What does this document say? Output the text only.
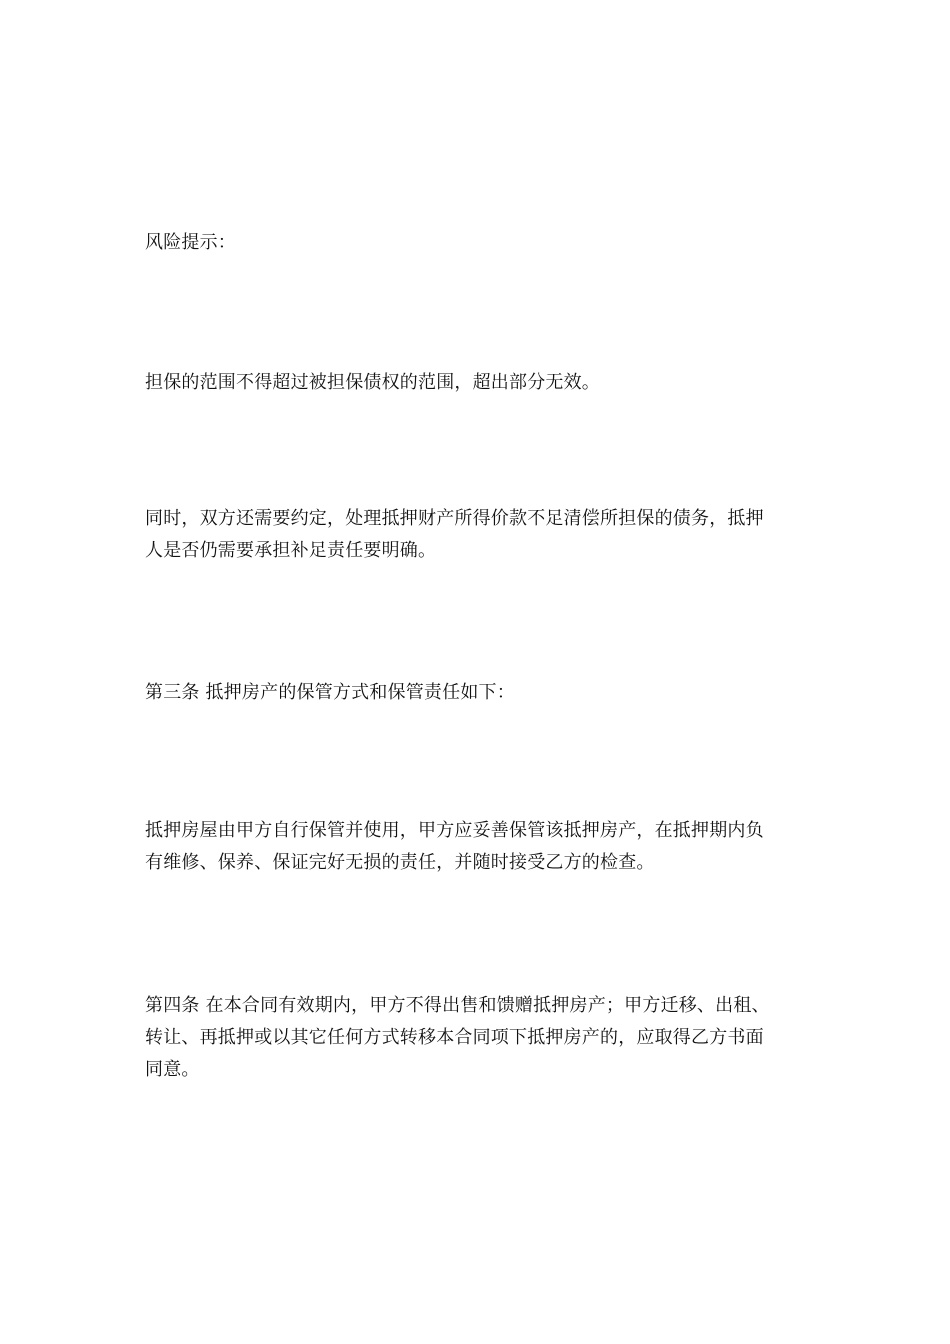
风险提示：

担保的范围不得超过被担保债权的范围，超出部分无效。

同时，双方还需要约定，处理抵押财产所得价款不足清偿所担保的债务，抵押
人是否仍需要承担补足责任要明确。

第三条 抵押房产的保管方式和保管责任如下：

抵押房屋由甲方自行保管并使用，甲方应妥善保管该抵押房产，在抵押期内负
有维修、保养、保证完好无损的责任，并随时接受乙方的检查。

第四条 在本合同有效期内，甲方不得出售和馈赠抵押房产；甲方迁移、出租、
转让、再抵押或以其它任何方式转移本合同项下抵押房产的，应取得乙方书面
同意。
